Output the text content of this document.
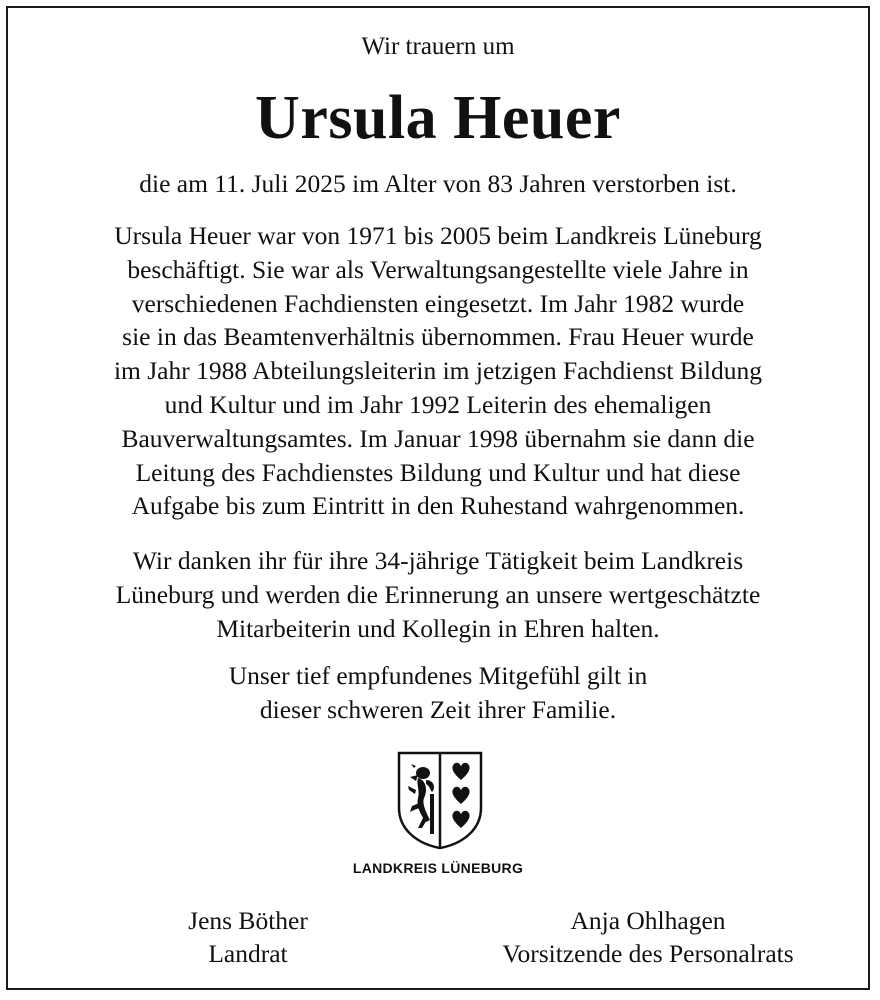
Wir trauern um
Ursula Heuer
die am 11. Juli 2025 im Alter von 83 Jahren verstorben ist.
Ursula Heuer war von 1971 bis 2005 beim Landkreis Lüneburg
beschäftigt. Sie war als Verwaltungsangestellte viele Jahre in
verschiedenen Fachdiensten eingesetzt. Im Jahr 1982 wurde
sie in das Beamtenverhältnis übernommen. Frau Heuer wurde
im Jahr 1988 Abteilungsleiterin im jetzigen Fachdienst Bildung
und Kultur und im Jahr 1992 Leiterin des ehemaligen
Bauverwaltungsamtes. Im Januar 1998 übernahm sie dann die
Leitung des Fachdienstes Bildung und Kultur und hat diese
Aufgabe bis zum Eintritt in den Ruhestand wahrgenommen.
Wir danken ihr für ihre 34-jährige Tätigkeit beim Landkreis
Lüneburg und werden die Erinnerung an unsere wertgeschätzte
Mitarbeiterin und Kollegin in Ehren halten.
Unser tief empfundenes Mitgefühl gilt in
dieser schweren Zeit ihrer Familie.
LANDKREIS LÜNEBURG
Jens Böther
Landrat
Anja Ohlhagen
Vorsitzende des Personalrats
